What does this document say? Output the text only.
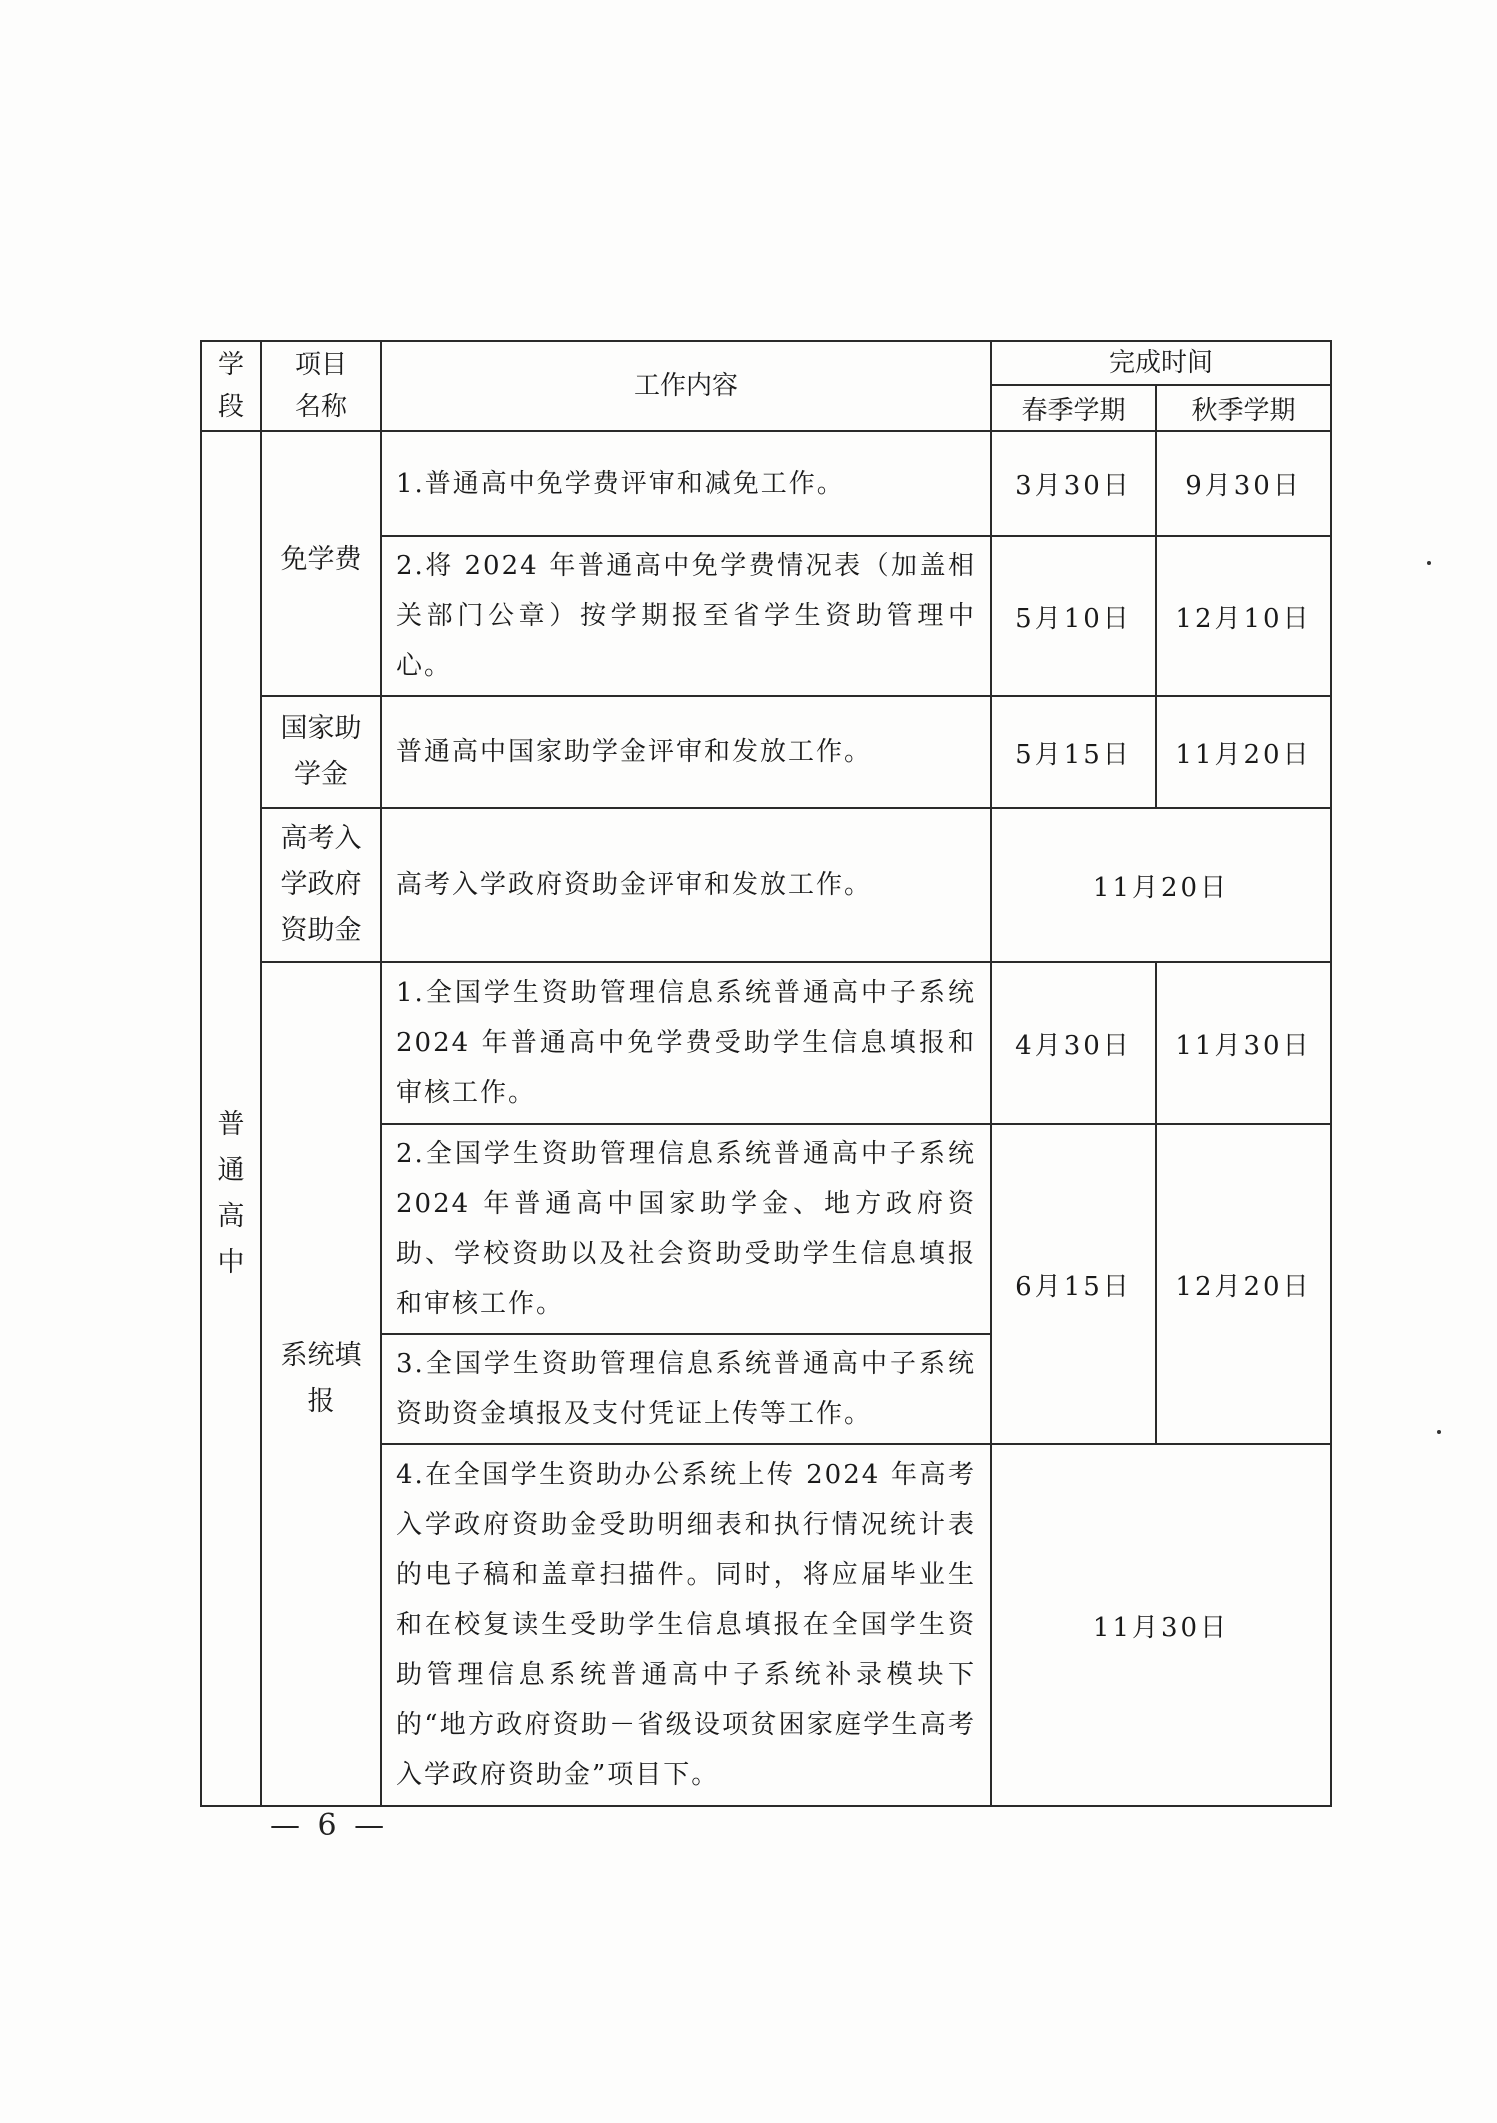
学段	项目名称	工作内容	完成时间	
			春季学期	秋季学期
普通高中	免学费	1.普通高中免学费评审和减免工作。	3月30日	9月30日
		2.将 2024 年普通高中免学费情况表（加盖相关部门公章）按学期报至省学生资助管理中心。	5月10日	12月10日
	国家助学金	普通高中国家助学金评审和发放工作。	5月15日	11月20日
	高考入学政府资助金	高考入学政府资助金评审和发放工作。	11月20日	
	系统填报	1.全国学生资助管理信息系统普通高中子系统 2024 年普通高中免学费受助学生信息填报和审核工作。	4月30日	11月30日
		2.全国学生资助管理信息系统普通高中子系统 2024 年普通高中国家助学金、地方政府资助、学校资助以及社会资助受助学生信息填报和审核工作。	6月15日	12月20日
		3.全国学生资助管理信息系统普通高中子系统资助资金填报及支付凭证上传等工作。		
		4.在全国学生资助办公系统上传 2024 年高考入学政府资助金受助明细表和执行情况统计表的电子稿和盖章扫描件。同时，将应届毕业生和在校复读生受助学生信息填报在全国学生资助管理信息系统普通高中子系统补录模块下的“地方政府资助－省级设项贫困家庭学生高考入学政府资助金”项目下。	11月30日	
— 6 —
